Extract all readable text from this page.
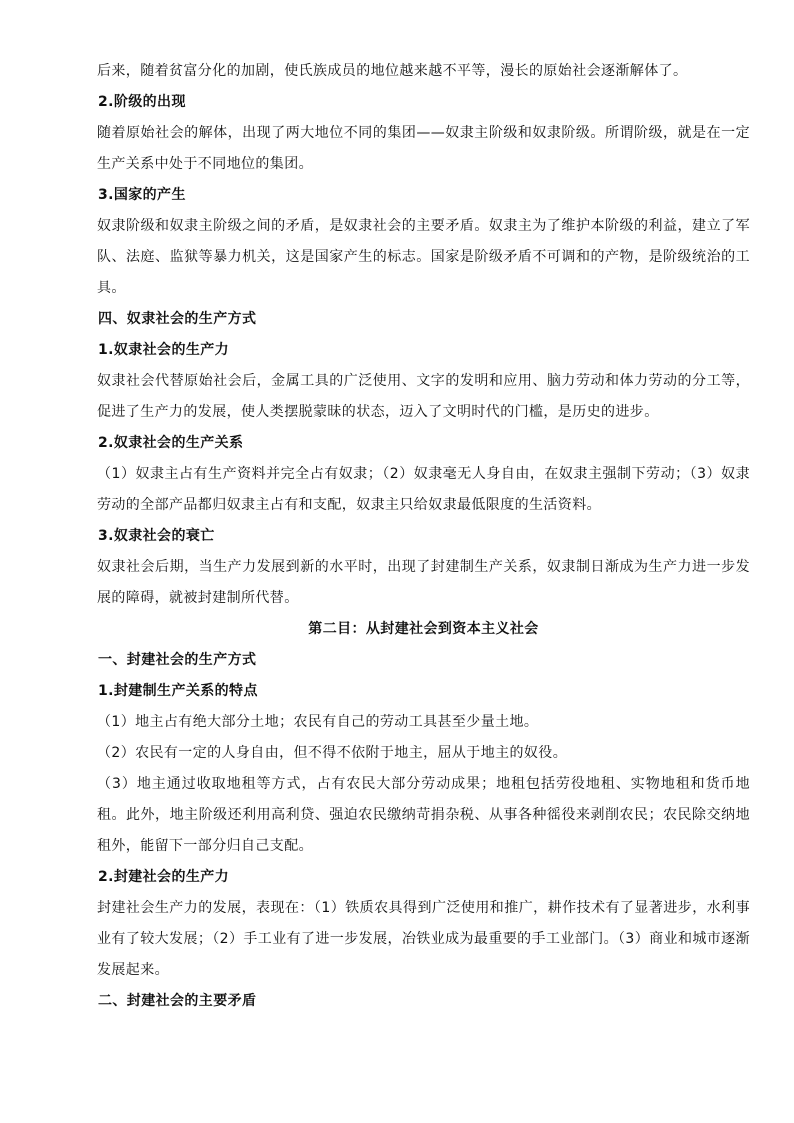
后来，随着贫富分化的加剧，使氏族成员的地位越来越不平等，漫长的原始社会逐渐解体了。

2.阶级的出现

随着原始社会的解体，出现了两大地位不同的集团——奴隶主阶级和奴隶阶级。所谓阶级，就是在一定生产关系中处于不同地位的集团。

3.国家的产生

奴隶阶级和奴隶主阶级之间的矛盾，是奴隶社会的主要矛盾。奴隶主为了维护本阶级的利益，建立了军队、法庭、监狱等暴力机关，这是国家产生的标志。国家是阶级矛盾不可调和的产物，是阶级统治的工具。

四、奴隶社会的生产方式

1.奴隶社会的生产力

奴隶社会代替原始社会后，金属工具的广泛使用、文字的发明和应用、脑力劳动和体力劳动的分工等，促进了生产力的发展，使人类摆脱蒙昧的状态，迈入了文明时代的门槛，是历史的进步。

2.奴隶社会的生产关系

（1）奴隶主占有生产资料并完全占有奴隶；（2）奴隶毫无人身自由，在奴隶主强制下劳动；（3）奴隶劳动的全部产品都归奴隶主占有和支配，奴隶主只给奴隶最低限度的生活资料。

3.奴隶社会的衰亡

奴隶社会后期，当生产力发展到新的水平时，出现了封建制生产关系，奴隶制日渐成为生产力进一步发展的障碍，就被封建制所代替。

第二目：从封建社会到资本主义社会

一、封建社会的生产方式

1.封建制生产关系的特点

（1）地主占有绝大部分土地；农民有自己的劳动工具甚至少量土地。

（2）农民有一定的人身自由，但不得不依附于地主，屈从于地主的奴役。

（3）地主通过收取地租等方式，占有农民大部分劳动成果；地租包括劳役地租、实物地租和货币地租。此外，地主阶级还利用高利贷、强迫农民缴纳苛捐杂税、从事各种徭役来剥削农民；农民除交纳地租外，能留下一部分归自己支配。

2.封建社会的生产力

封建社会生产力的发展，表现在：（1）铁质农具得到广泛使用和推广，耕作技术有了显著进步，水利事业有了较大发展；（2）手工业有了进一步发展，冶铁业成为最重要的手工业部门。（3）商业和城市逐渐发展起来。

二、封建社会的主要矛盾
